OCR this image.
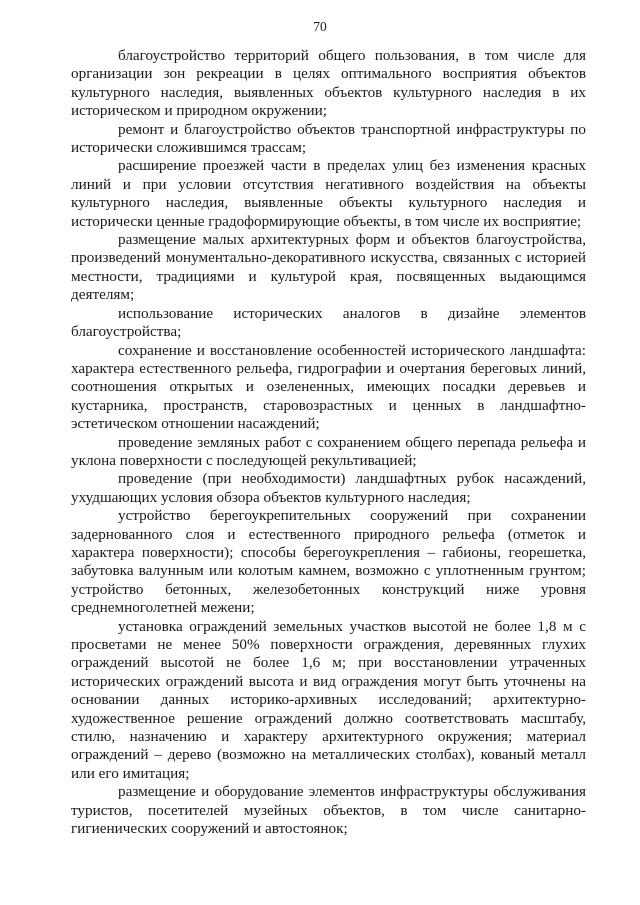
70

благоустройство территорий общего пользования, в том числе для организации зон рекреации в целях оптимального восприятия объектов культурного наследия, выявленных объектов культурного наследия в их историческом и природном окружении;

ремонт и благоустройство объектов транспортной инфраструктуры по исторически сложившимся трассам;

расширение проезжей части в пределах улиц без изменения красных линий и при условии отсутствия негативного воздействия на объекты культурного наследия, выявленные объекты культурного наследия и исторически ценные градоформирующие объекты, в том числе их восприятие;

размещение малых архитектурных форм и объектов благоустройства, произведений монументально-декоративного искусства, связанных с историей местности, традициями и культурой края, посвященных выдающимся деятелям;

использование исторических аналогов в дизайне элементов благоустройства;

сохранение и восстановление особенностей исторического ландшафта: характера естественного рельефа, гидрографии и очертания береговых линий, соотношения открытых и озелененных, имеющих посадки деревьев и кустарника, пространств, старовозрастных и ценных в ландшафтно-эстетическом отношении насаждений;

проведение земляных работ с сохранением общего перепада рельефа и уклона поверхности с последующей рекультивацией;

проведение (при необходимости) ландшафтных рубок насаждений, ухудшающих условия обзора объектов культурного наследия;

устройство берегоукрепительных сооружений при сохранении задернованного слоя и естественного природного рельефа (отметок и характера поверхности); способы берегоукрепления – габионы, георешетка, забутовка валунным или колотым камнем, возможно с уплотненным грунтом; устройство бетонных, железобетонных конструкций ниже уровня среднемноголетней межени;

установка ограждений земельных участков высотой не более 1,8 м с просветами не менее 50% поверхности ограждения, деревянных глухих ограждений высотой не более 1,6 м; при восстановлении утраченных исторических ограждений высота и вид ограждения могут быть уточнены на основании данных историко-архивных исследований; архитектурно-художественное решение ограждений должно соответствовать масштабу, стилю, назначению и характеру архитектурного окружения; материал ограждений – дерево (возможно на металлических столбах), кованый металл или его имитация;

размещение и оборудование элементов инфраструктуры обслуживания туристов, посетителей музейных объектов, в том числе санитарно-гигиенических сооружений и автостоянок;
